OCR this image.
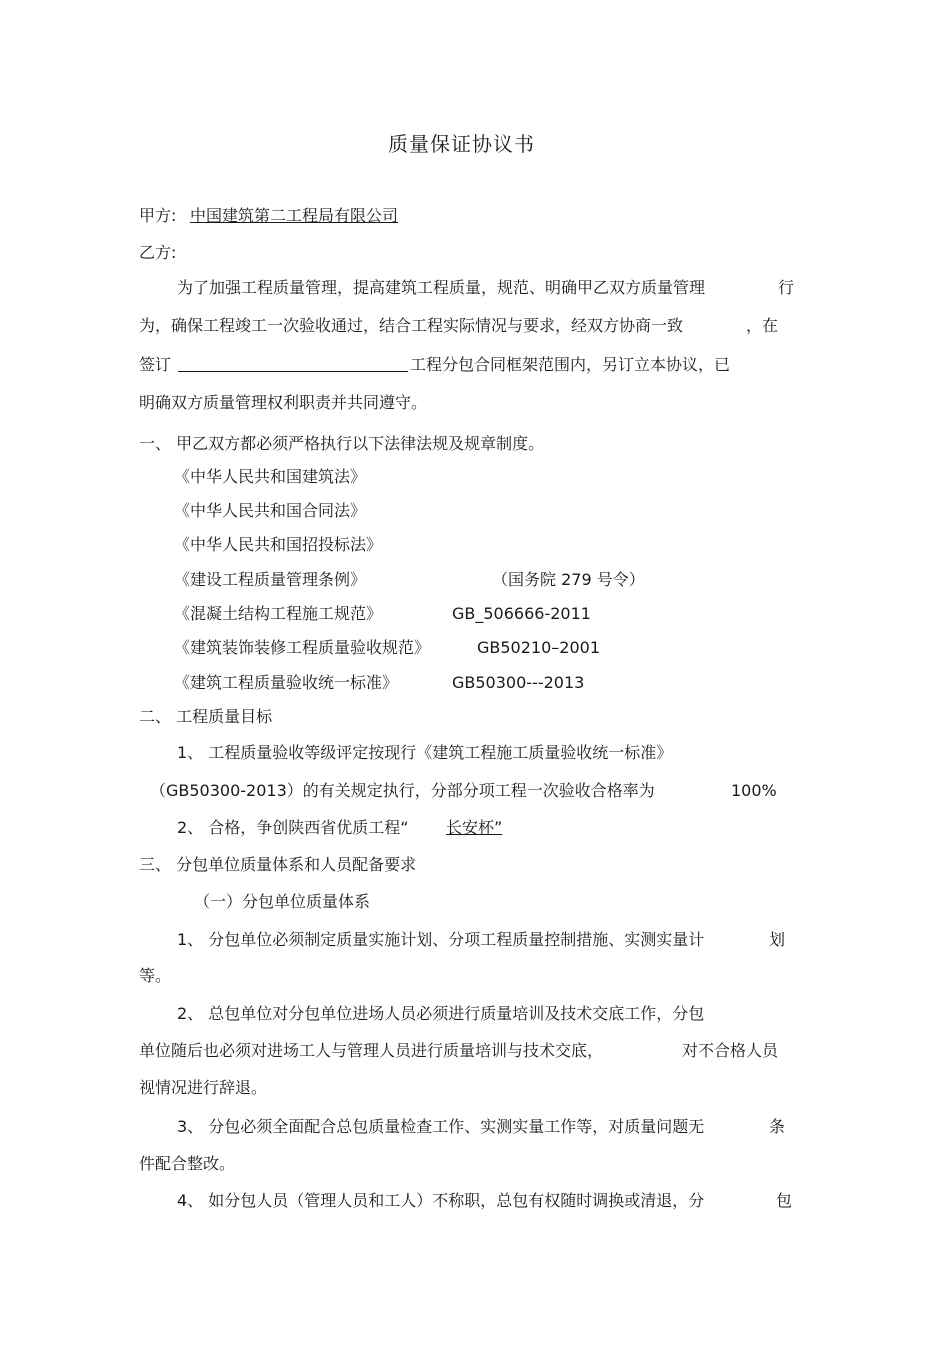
质量保证协议书
甲方: 中国建筑第二工程局有限公司
乙方:
为了加强工程质量管理，提高建筑工程质量，规范、明确甲乙双方质量管理	行
为，确保工程竣工一次验收通过，结合工程实际情况与要求，经双方协商一致	，在
签订	工程分包合同框架范围内，另订立本协议，已
明确双方质量管理权利职责并共同遵守。
一、 甲乙双方都必须严格执行以下法律法规及规章制度。
《中华人民共和国建筑法》
《中华人民共和国合同法》
《中华人民共和国招投标法》
《建设工程质量管理条例》	（国务院 279 号令）
《混凝土结构工程施工规范》	GB_506666-2011
《建筑装饰装修工程质量验收规范》	GB50210–2001
《建筑工程质量验收统一标准》	GB50300---2013
二、 工程质量目标
1、 工程质量验收等级评定按现行《建筑工程施工质量验收统一标准》
（GB50300-2013）的有关规定执行，分部分项工程一次验收合格率为	100%
2、 合格，争创陕西省优质工程“ 长安杯”
三、 分包单位质量体系和人员配备要求
（一）分包单位质量体系
1、 分包单位必须制定质量实施计划、分项工程质量控制措施、实测实量计	划
等。
2、 总包单位对分包单位进场人员必须进行质量培训及技术交底工作，分包
单位随后也必须对进场工人与管理人员进行质量培训与技术交底，	对不合格人员
视情况进行辞退。
3、 分包必须全面配合总包质量检查工作、实测实量工作等，对质量问题无	条
件配合整改。
4、 如分包人员（管理人员和工人）不称职，总包有权随时调换或清退，分	包
